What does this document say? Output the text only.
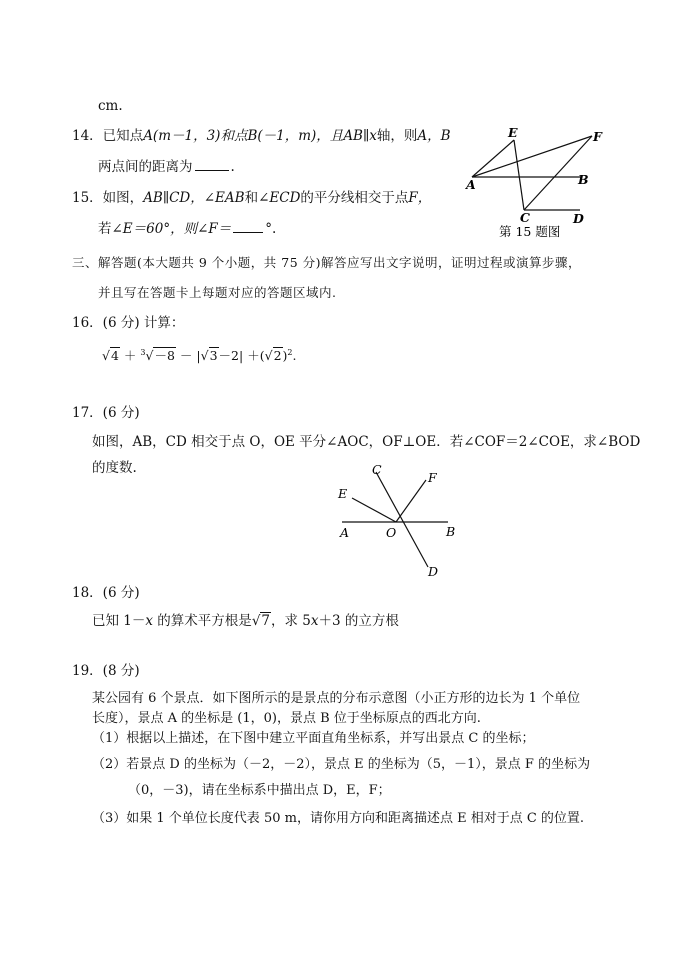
cm.
14．已知点A(m－1，3)和点B(－1，m)，且AB∥x轴，则A，B
两点间的距离为	.
15．如图，AB∥CD，∠EAB和∠ECD的平分线相交于点F，
若∠E＝60°，则∠F＝	°.
E	F
A	B
C	D
第 15 题图
三、解答题(本大题共 9 个小题，共 75 分)解答应写出文字说明，证明过程或演算步骤，
并且写在答题卡上每题对应的答题区域内.
16．(6 分) 计算：
$√4 + ^3√-8 - |√3-2| +(√2)^2$.
17．(6 分)
如图，AB，CD 相交于点 O，OE 平分∠AOC，OF⊥OE．若∠COF＝2∠COE，求∠BOD
的度数.	C
F
E
A	O	B
D
18．(6 分)
已知 1－x 的算术平方根是√7，求 5x＋3 的立方根
19．(8 分)
某公园有 6 个景点．如下图所示的是景点的分布示意图（小正方形的边长为 1 个单位
长度），景点 A 的坐标是 (1，0)，景点 B 位于坐标原点的西北方向.
（1）根据以上描述，在下图中建立平面直角坐标系，并写出景点 C 的坐标；
（2）若景点 D 的坐标为（－2，－2），景点 E 的坐标为（5，－1），景点 F 的坐标为
（0，－3)，请在坐标系中描出点 D，E，F；
（3）如果 1 个单位长度代表 50 m，请你用方向和距离描述点 E 相对于点 C 的位置.
